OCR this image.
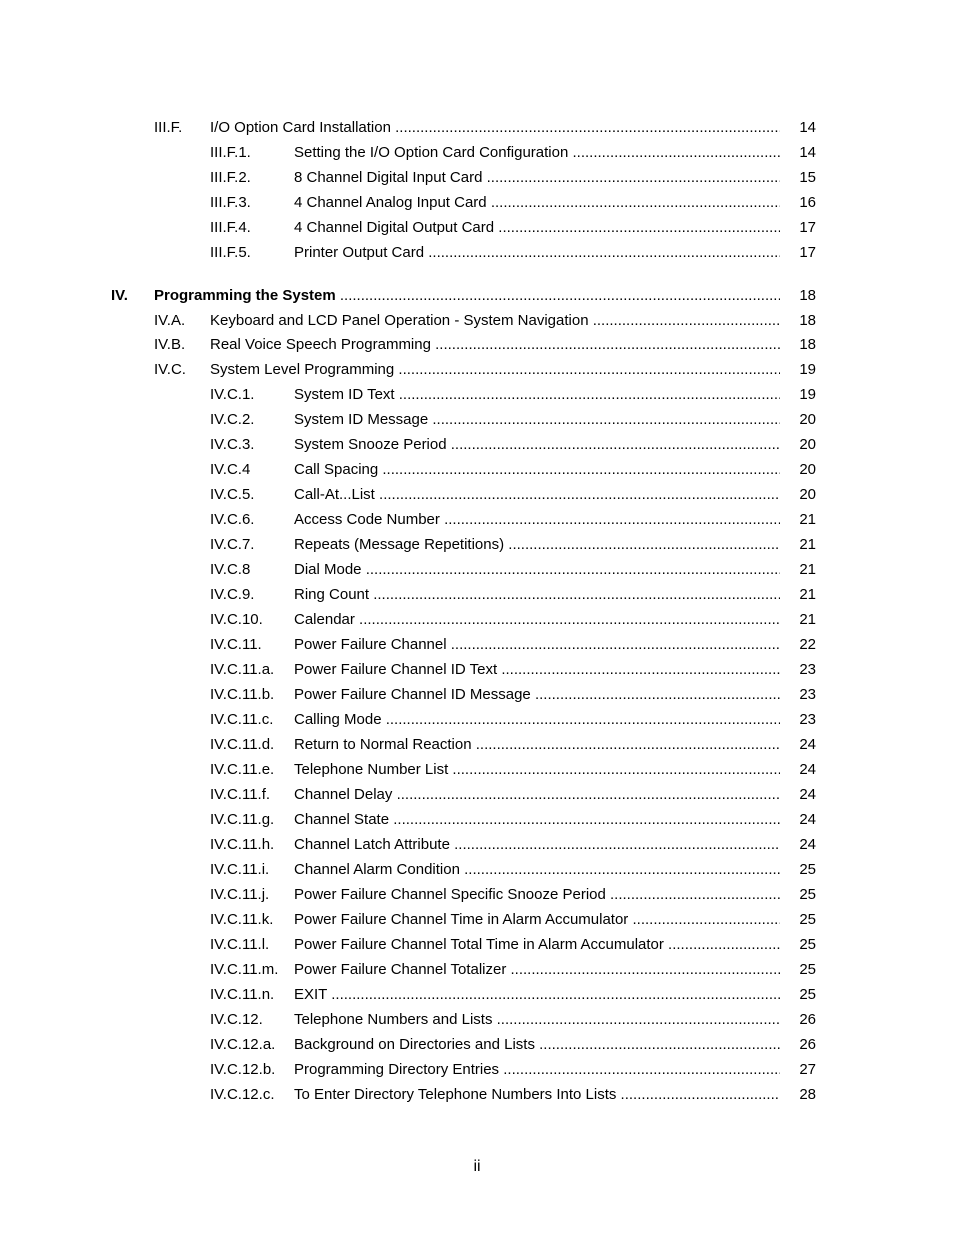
III.F.	I/O Option Card Installation .....	14
III.F.1.	Setting the I/O Option Card Configuration .....	14
III.F.2.	8 Channel Digital Input Card .....	15
III.F.3.	4 Channel Analog Input Card .....	16
III.F.4.	4 Channel Digital Output Card .....	17
III.F.5.	Printer Output Card .....	17
IV.	Programming the System .....	18
IV.A.	Keyboard and LCD Panel Operation - System Navigation .....	18
IV.B.	Real Voice Speech Programming .....	18
IV.C.	System Level Programming .....	19
IV.C.1.	System ID Text .....	19
IV.C.2.	System ID Message .....	20
IV.C.3.	System Snooze Period .....	20
IV.C.4	Call Spacing .....	20
IV.C.5.	Call-At...List .....	20
IV.C.6.	Access Code Number .....	21
IV.C.7.	Repeats (Message Repetitions) .....	21
IV.C.8	Dial Mode .....	21
IV.C.9.	Ring Count .....	21
IV.C.10.	Calendar .....	21
IV.C.11.	Power Failure Channel .....	22
IV.C.11.a.	Power Failure Channel ID Text .....	23
IV.C.11.b.	Power Failure Channel ID Message .....	23
IV.C.11.c.	Calling Mode .....	23
IV.C.11.d.	Return to Normal Reaction .....	24
IV.C.11.e.	Telephone Number List .....	24
IV.C.11.f.	Channel Delay .....	24
IV.C.11.g.	Channel State .....	24
IV.C.11.h.	Channel Latch Attribute .....	24
IV.C.11.i.	Channel Alarm Condition .....	25
IV.C.11.j.	Power Failure Channel Specific Snooze Period .....	25
IV.C.11.k.	Power Failure Channel Time in Alarm Accumulator .....	25
IV.C.11.l.	Power Failure Channel Total Time in Alarm Accumulator .....	25
IV.C.11.m.	Power Failure Channel Totalizer .....	25
IV.C.11.n.	EXIT .....	25
IV.C.12.	Telephone Numbers and Lists .....	26
IV.C.12.a.	Background on Directories and Lists .....	26
IV.C.12.b.	Programming Directory Entries .....	27
IV.C.12.c.	To Enter Directory Telephone Numbers Into Lists .....	28
ii
